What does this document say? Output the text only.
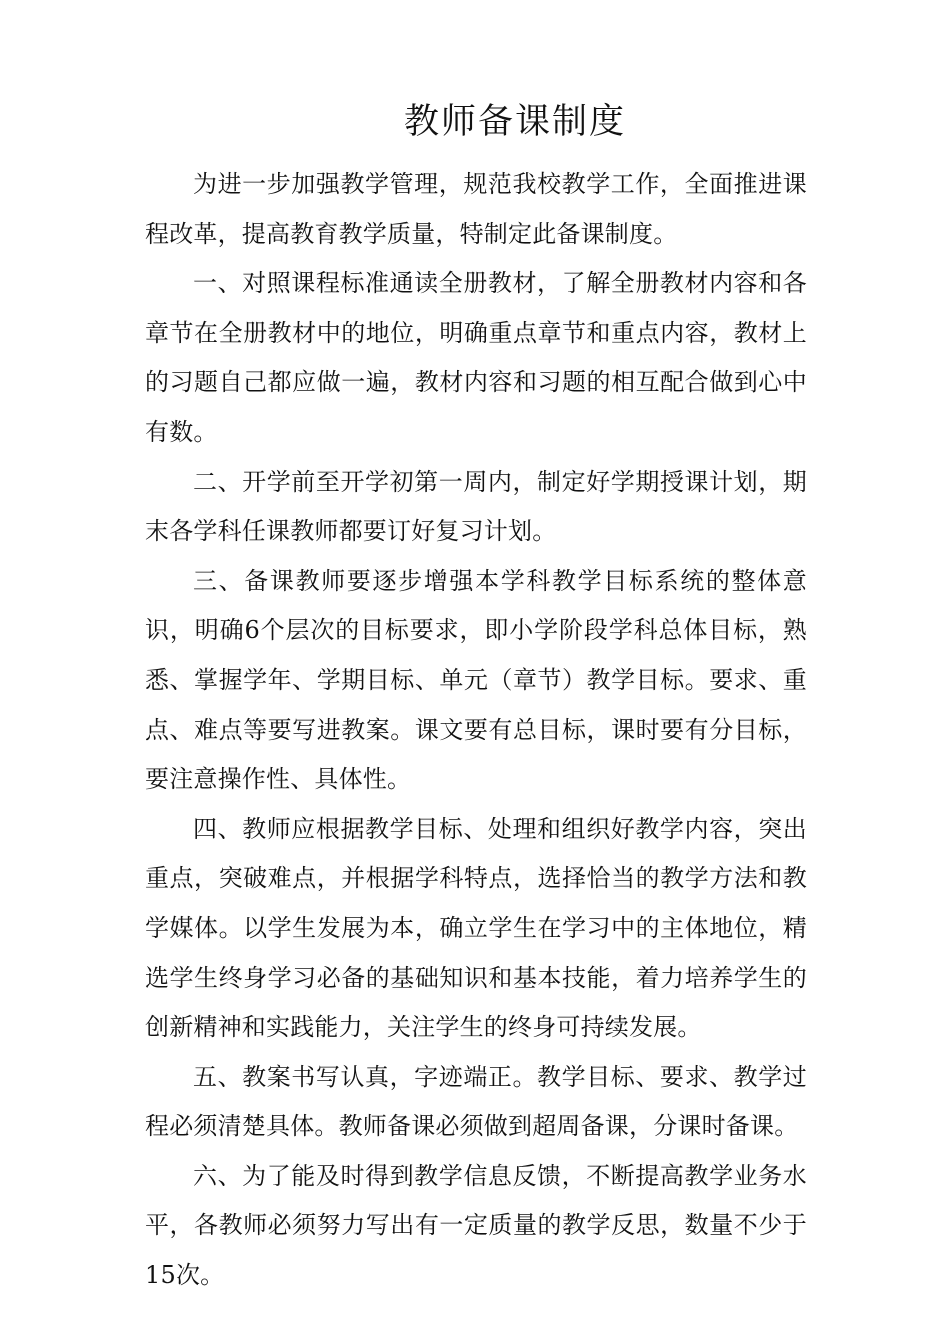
教师备课制度

为进一步加强教学管理，规范我校教学工作，全面推进课程改革，提高教育教学质量，特制定此备课制度。

一、对照课程标准通读全册教材，了解全册教材内容和各章节在全册教材中的地位，明确重点章节和重点内容，教材上的习题自己都应做一遍，教材内容和习题的相互配合做到心中有数。

二、开学前至开学初第一周内，制定好学期授课计划，期末各学科任课教师都要订好复习计划。

三、备课教师要逐步增强本学科教学目标系统的整体意识，明确6个层次的目标要求，即小学阶段学科总体目标，熟悉、掌握学年、学期目标、单元（章节）教学目标。要求、重点、难点等要写进教案。课文要有总目标，课时要有分目标，要注意操作性、具体性。

四、教师应根据教学目标、处理和组织好教学内容，突出重点，突破难点，并根据学科特点，选择恰当的教学方法和教学媒体。以学生发展为本，确立学生在学习中的主体地位，精选学生终身学习必备的基础知识和基本技能，着力培养学生的创新精神和实践能力，关注学生的终身可持续发展。

五、教案书写认真，字迹端正。教学目标、要求、教学过程必须清楚具体。教师备课必须做到超周备课，分课时备课。

六、为了能及时得到教学信息反馈，不断提高教学业务水平，各教师必须努力写出有一定质量的教学反思，数量不少于15次。
